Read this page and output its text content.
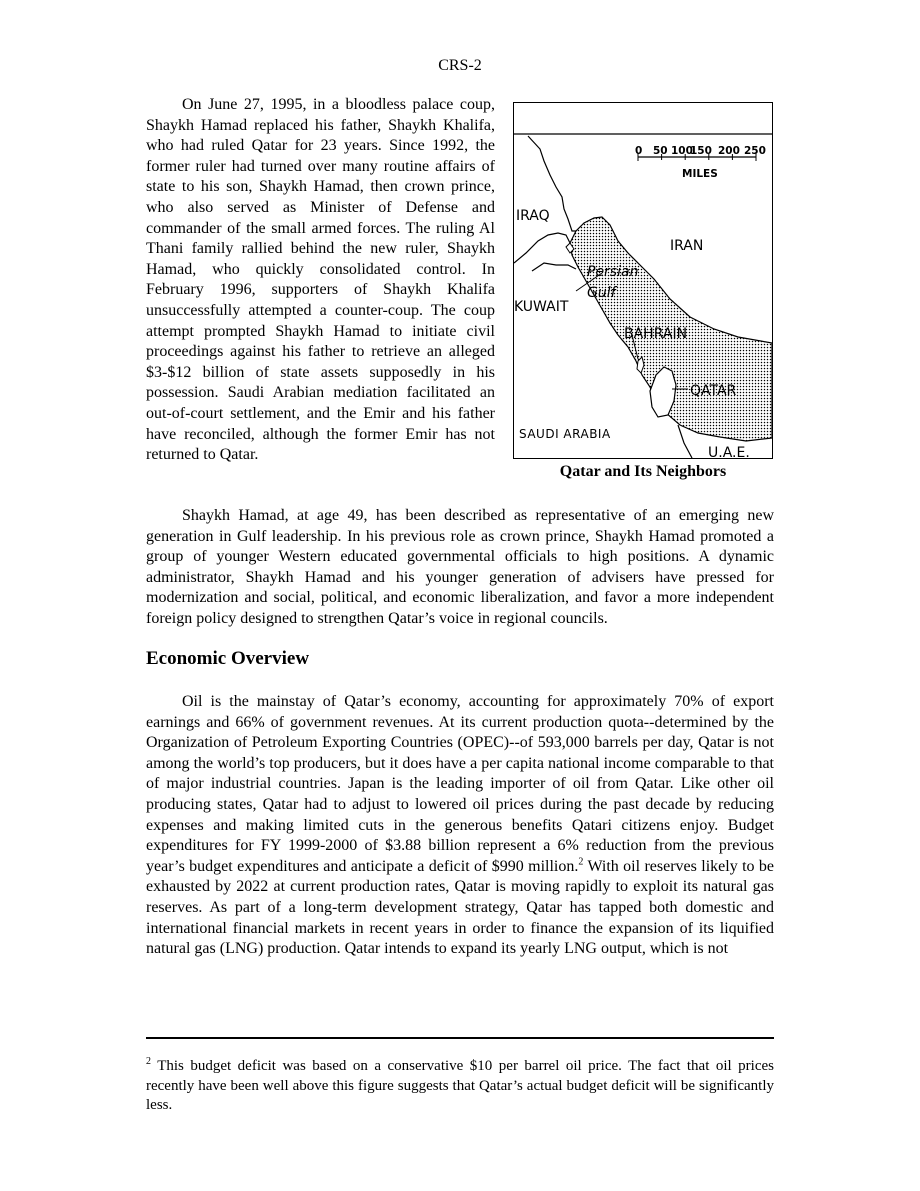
CRS-2

On June 27, 1995, in a bloodless palace coup, Shaykh Hamad replaced his father, Shaykh Khalifa, who had ruled Qatar for 23 years. Since 1992, the former ruler had turned over many routine affairs of state to his son, Shaykh Hamad, then crown prince, who also served as Minister of Defense and commander of the small armed forces. The ruling Al Thani family rallied behind the new ruler, Shaykh Hamad, who quickly consolidated control. In February 1996, supporters of Shaykh Khalifa unsuccessfully attempted a counter-coup. The coup attempt prompted Shaykh Hamad to initiate civil proceedings against his father to retrieve an alleged $3-$12 billion of state assets supposedly in his possession. Saudi Arabian mediation facilitated an out-of-court settlement, and the Emir and his father have reconciled, although the former Emir has not returned to Qatar.

0 50 100
150 200 250
MILES
IRAQ
IRAN
Persian
Gulf
KUWAIT
BAHRAIN
QATAR
SAUDI ARABIA
U.A.E.
Qatar and Its Neighbors

Shaykh Hamad, at age 49, has been described as representative of an emerging new generation in Gulf leadership. In his previous role as crown prince, Shaykh Hamad promoted a group of younger Western educated governmental officials to high positions. A dynamic administrator, Shaykh Hamad and his younger generation of advisers have pressed for modernization and social, political, and economic liberalization, and favor a more independent foreign policy designed to strengthen Qatar’s voice in regional councils.

Economic Overview

Oil is the mainstay of Qatar’s economy, accounting for approximately 70% of export earnings and 66% of government revenues. At its current production quota--determined by the Organization of Petroleum Exporting Countries (OPEC)--of 593,000 barrels per day, Qatar is not among the world’s top producers, but it does have a per capita national income comparable to that of major industrial countries. Japan is the leading importer of oil from Qatar. Like other oil producing states, Qatar had to adjust to lowered oil prices during the past decade by reducing expenses and making limited cuts in the generous benefits Qatari citizens enjoy. Budget expenditures for FY 1999-2000 of $3.88 billion represent a 6% reduction from the previous year’s budget expenditures and anticipate a deficit of $990 million.$^2$ With oil reserves likely to be exhausted by 2022 at current production rates, Qatar is moving rapidly to exploit its natural gas reserves. As part of a long-term development strategy, Qatar has tapped both domestic and international financial markets in recent years in order to finance the expansion of its liquified natural gas (LNG) production. Qatar intends to expand its yearly LNG output, which is not

$^2$ This budget deficit was based on a conservative $10 per barrel oil price. The fact that oil prices recently have been well above this figure suggests that Qatar’s actual budget deficit will be significantly less.
